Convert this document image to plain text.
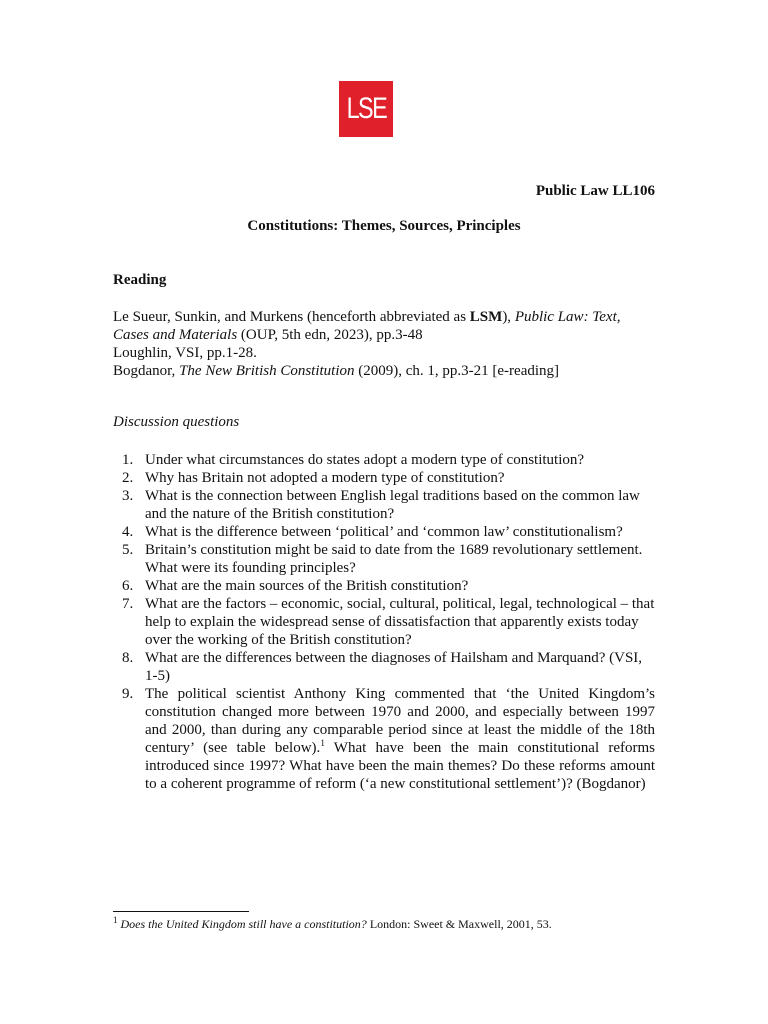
LSE
Public Law LL106
Constitutions: Themes, Sources, Principles
Reading

Le Sueur, Sunkin, and Murkens (henceforth abbreviated as LSM), Public Law: Text, Cases and Materials (OUP, 5th edn, 2023), pp.3-48

Loughlin, VSI, pp.1-28.

Bogdanor, The New British Constitution (2009), ch. 1, pp.3-21 [e-reading]

Discussion questions
1. Under what circumstances do states adopt a modern type of constitution?
2. Why has Britain not adopted a modern type of constitution?
3. What is the connection between English legal traditions based on the common law and the nature of the British constitution?
4. What is the difference between ‘political’ and ‘common law’ constitutionalism?
5. Britain’s constitution might be said to date from the 1689 revolutionary settlement. What were its founding principles?
6. What are the main sources of the British constitution?
7. What are the factors – economic, social, cultural, political, legal, technological – that help to explain the widespread sense of dissatisfaction that apparently exists today over the working of the British constitution?
8. What are the differences between the diagnoses of Hailsham and Marquand? (VSI, 1-5)
9. The political scientist Anthony King commented that ‘the United Kingdom’s constitution changed more between 1970 and 2000, and especially between 1997 and 2000, than during any comparable period since at least the middle of the 18th century’ (see table below).$^1$ What have been the main constitutional reforms introduced since 1997? What have been the main themes? Do these reforms amount to a coherent programme of reform (‘a new constitutional settlement’)? (Bogdanor)
$^1$ Does the United Kingdom still have a constitution? London: Sweet & Maxwell, 2001, 53.
